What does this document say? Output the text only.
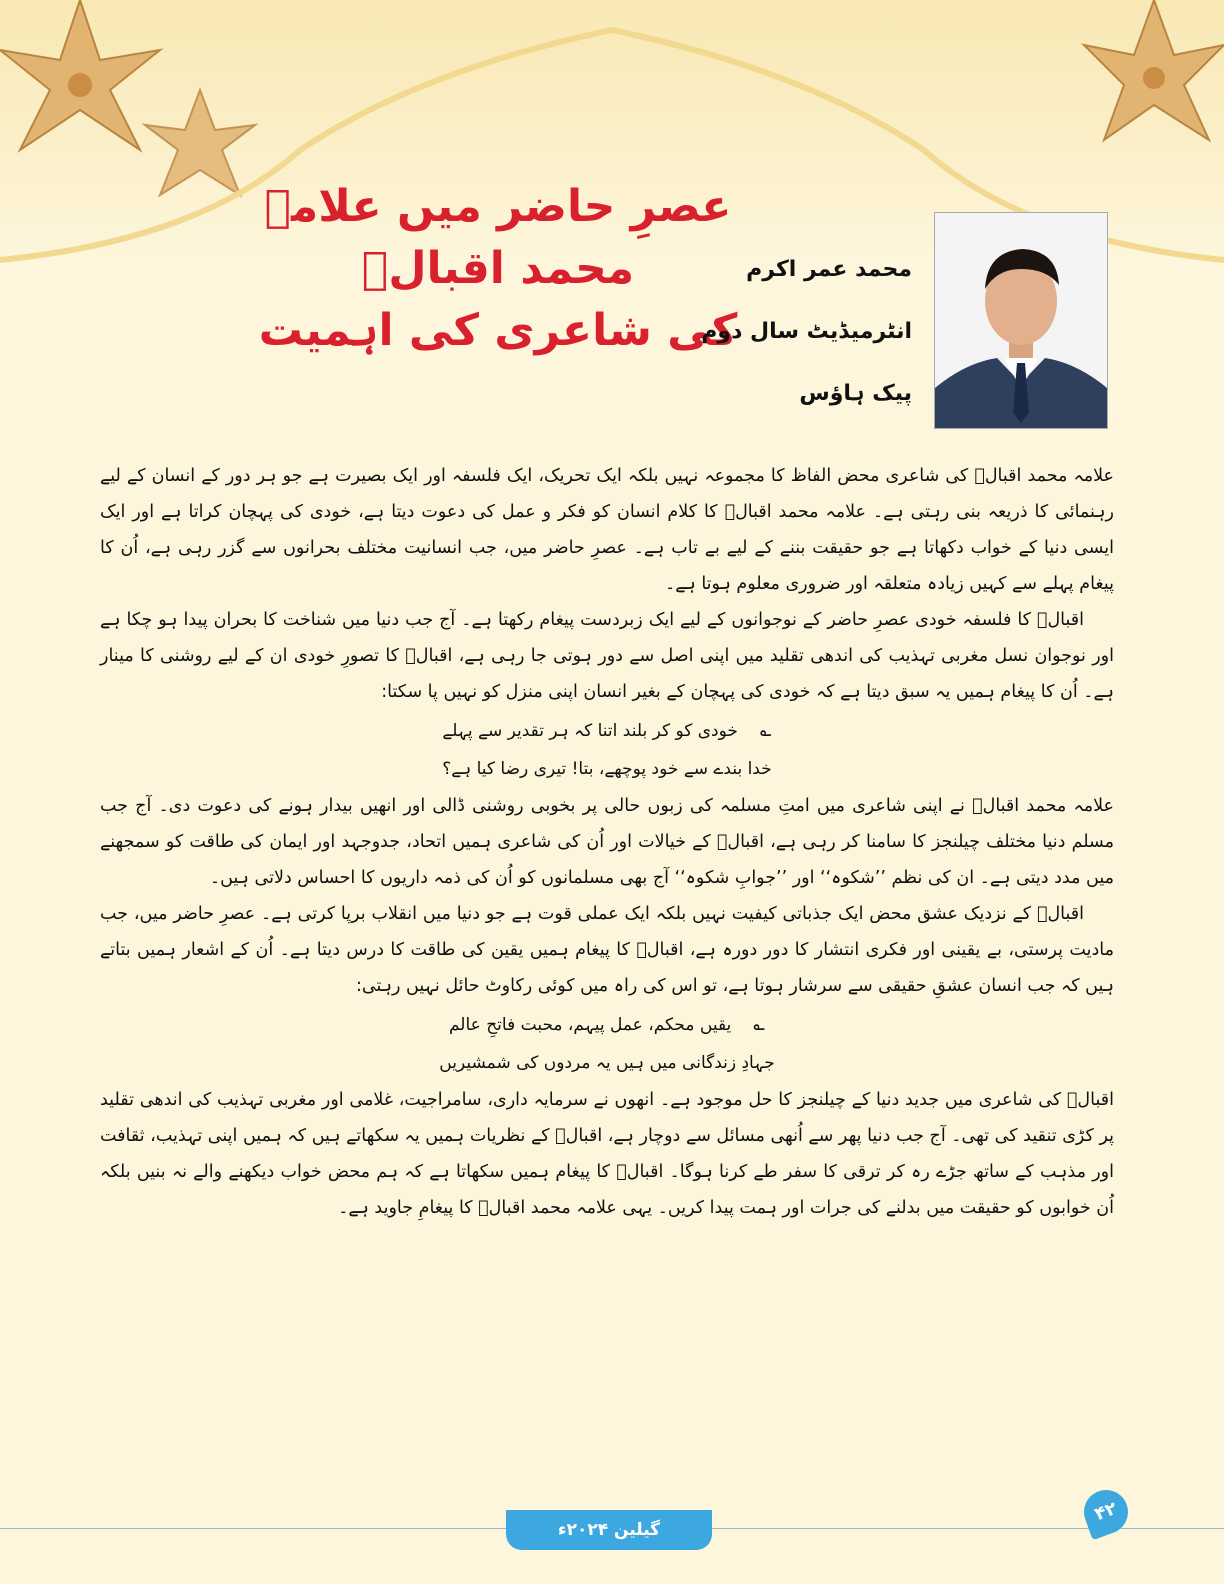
عصرِ حاضر میں علامہ محمد اقبالؒ
کی شاعری کی اہمیت
محمد عمر اکرم
انٹرمیڈیٹ سال دوم
پیک ہاؤس

علامہ محمد اقبالؒ کی شاعری محض الفاظ کا مجموعہ نہیں بلکہ ایک تحریک، ایک فلسفہ اور ایک بصیرت ہے جو ہر دور کے انسان کے لیے رہنمائی کا ذریعہ بنی رہتی ہے۔ علامہ محمد اقبالؒ کا کلام انسان کو فکر و عمل کی دعوت دیتا ہے، خودی کی پہچان کراتا ہے اور ایک ایسی دنیا کے خواب دکھاتا ہے جو حقیقت بننے کے لیے بے تاب ہے۔ عصرِ حاضر میں، جب انسانیت مختلف بحرانوں سے گزر رہی ہے، اُن کا پیغام پہلے سے کہیں زیادہ متعلقہ اور ضروری معلوم ہوتا ہے۔

اقبالؒ کا فلسفہ خودی عصرِ حاضر کے نوجوانوں کے لیے ایک زبردست پیغام رکھتا ہے۔ آج جب دنیا میں شناخت کا بحران پیدا ہو چکا ہے اور نوجوان نسل مغربی تہذیب کی اندھی تقلید میں اپنی اصل سے دور ہوتی جا رہی ہے، اقبالؒ کا تصورِ خودی ان کے لیے روشنی کا مینار ہے۔ اُن کا پیغام ہمیں یہ سبق دیتا ہے کہ خودی کی پہچان کے بغیر انسان اپنی منزل کو نہیں پا سکتا:

؎خودی کو کر بلند اتنا کہ ہر تقدیر سے پہلے
خدا بندے سے خود پوچھے، بتا! تیری رضا کیا ہے؟

علامہ محمد اقبالؒ نے اپنی شاعری میں امتِ مسلمہ کی زبوں حالی پر بخوبی روشنی ڈالی اور انھیں بیدار ہونے کی دعوت دی۔ آج جب مسلم دنیا مختلف چیلنجز کا سامنا کر رہی ہے، اقبالؒ کے خیالات اور اُن کی شاعری ہمیں اتحاد، جدوجہد اور ایمان کی طاقت کو سمجھنے میں مدد دیتی ہے۔ ان کی نظم ’’شکوہ‘‘ اور ’’جوابِ شکوہ‘‘ آج بھی مسلمانوں کو اُن کی ذمہ داریوں کا احساس دلاتی ہیں۔

اقبالؒ کے نزدیک عشق محض ایک جذباتی کیفیت نہیں بلکہ ایک عملی قوت ہے جو دنیا میں انقلاب برپا کرتی ہے۔ عصرِ حاضر میں، جب مادیت پرستی، بے یقینی اور فکری انتشار کا دور دورہ ہے، اقبالؒ کا پیغام ہمیں یقین کی طاقت کا درس دیتا ہے۔ اُن کے اشعار ہمیں بتاتے ہیں کہ جب انسان عشقِ حقیقی سے سرشار ہوتا ہے، تو اس کی راہ میں کوئی رکاوٹ حائل نہیں رہتی:

؎یقیں محکم، عمل پیہم، محبت فاتحِ عالم
جہادِ زندگانی میں ہیں یہ مردوں کی شمشیریں

اقبالؒ کی شاعری میں جدید دنیا کے چیلنجز کا حل موجود ہے۔ انھوں نے سرمایہ داری، سامراجیت، غلامی اور مغربی تہذیب کی اندھی تقلید پر کڑی تنقید کی تھی۔ آج جب دنیا پھر سے اُنھی مسائل سے دوچار ہے، اقبالؒ کے نظریات ہمیں یہ سکھاتے ہیں کہ ہمیں اپنی تہذیب، ثقافت اور مذہب کے ساتھ جڑے رہ کر ترقی کا سفر طے کرنا ہوگا۔ اقبالؒ کا پیغام ہمیں سکھاتا ہے کہ ہم محض خواب دیکھنے والے نہ بنیں بلکہ اُن خوابوں کو حقیقت میں بدلنے کی جرات اور ہمت پیدا کریں۔ یہی علامہ محمد اقبالؒ کا پیغامِ جاوید ہے۔

گیلین ۲۰۲۴ء
۴۲
